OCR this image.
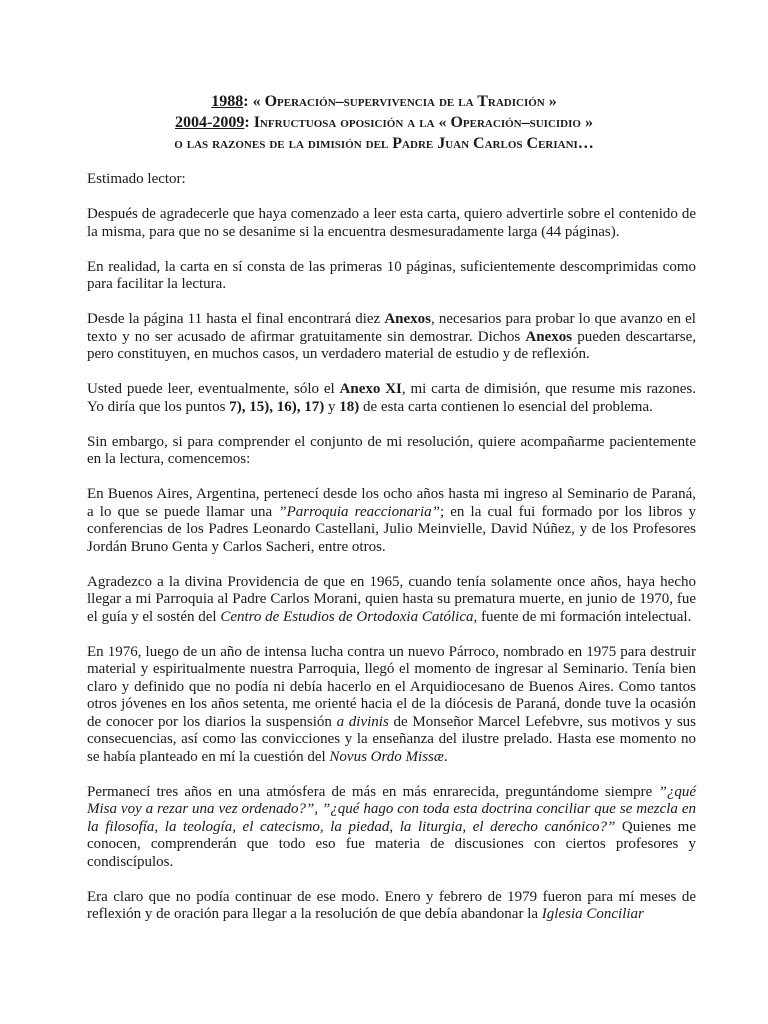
1988: « Operación–supervivencia de la Tradición »
2004-2009: Infructuosa oposición a la « Operación–suicidio »
o las razones de la dimisión del Padre Juan Carlos Ceriani…

Estimado lector:

Después de agradecerle que haya comenzado a leer esta carta, quiero advertirle sobre el contenido de la misma, para que no se desanime si la encuentra desmesuradamente larga (44 páginas).

En realidad, la carta en sí consta de las primeras 10 páginas, suficientemente descomprimidas como para facilitar la lectura.

Desde la página 11 hasta el final encontrará diez Anexos, necesarios para probar lo que avanzo en el texto y no ser acusado de afirmar gratuitamente sin demostrar. Dichos Anexos pueden descartarse, pero constituyen, en muchos casos, un verdadero material de estudio y de reflexión.

Usted puede leer, eventualmente, sólo el Anexo XI, mi carta de dimisión, que resume mis razones. Yo diría que los puntos 7), 15), 16), 17) y 18) de esta carta contienen lo esencial del problema.

Sin embargo, si para comprender el conjunto de mi resolución, quiere acompañarme pacientemente en la lectura, comencemos:

En Buenos Aires, Argentina, pertenecí desde los ocho años hasta mi ingreso al Seminario de Paraná, a lo que se puede llamar una ”Parroquia reaccionaria”; en la cual fui formado por los libros y conferencias de los Padres Leonardo Castellani, Julio Meinvielle, David Núñez, y de los Profesores Jordán Bruno Genta y Carlos Sacheri, entre otros.

Agradezco a la divina Providencia de que en 1965, cuando tenía solamente once años, haya hecho llegar a mi Parroquia al Padre Carlos Morani, quien hasta su prematura muerte, en junio de 1970, fue el guía y el sostén del Centro de Estudios de Ortodoxia Católica, fuente de mi formación intelectual.

En 1976, luego de un año de intensa lucha contra un nuevo Párroco, nombrado en 1975 para destruir material y espiritualmente nuestra Parroquia, llegó el momento de ingresar al Seminario. Tenía bien claro y definido que no podía ni debía hacerlo en el Arquidiocesano de Buenos Aires. Como tantos otros jóvenes en los años setenta, me orienté hacia el de la diócesis de Paraná, donde tuve la ocasión de conocer por los diarios la suspensión a divinis de Monseñor Marcel Lefebvre, sus motivos y sus consecuencias, así como las convicciones y la enseñanza del ilustre prelado. Hasta ese momento no se había planteado en mí la cuestión del Novus Ordo Missæ.

Permanecí tres años en una atmósfera de más en más enrarecida, preguntándome siempre ”¿qué Misa voy a rezar una vez ordenado?”, ”¿qué hago con toda esta doctrina conciliar que se mezcla en la filosofía, la teología, el catecismo, la piedad, la liturgia, el derecho canónico?” Quienes me conocen, comprenderán que todo eso fue materia de discusiones con ciertos profesores y condiscípulos.

Era claro que no podía continuar de ese modo. Enero y febrero de 1979 fueron para mí meses de reflexión y de oración para llegar a la resolución de que debía abandonar la Iglesia Conciliar
